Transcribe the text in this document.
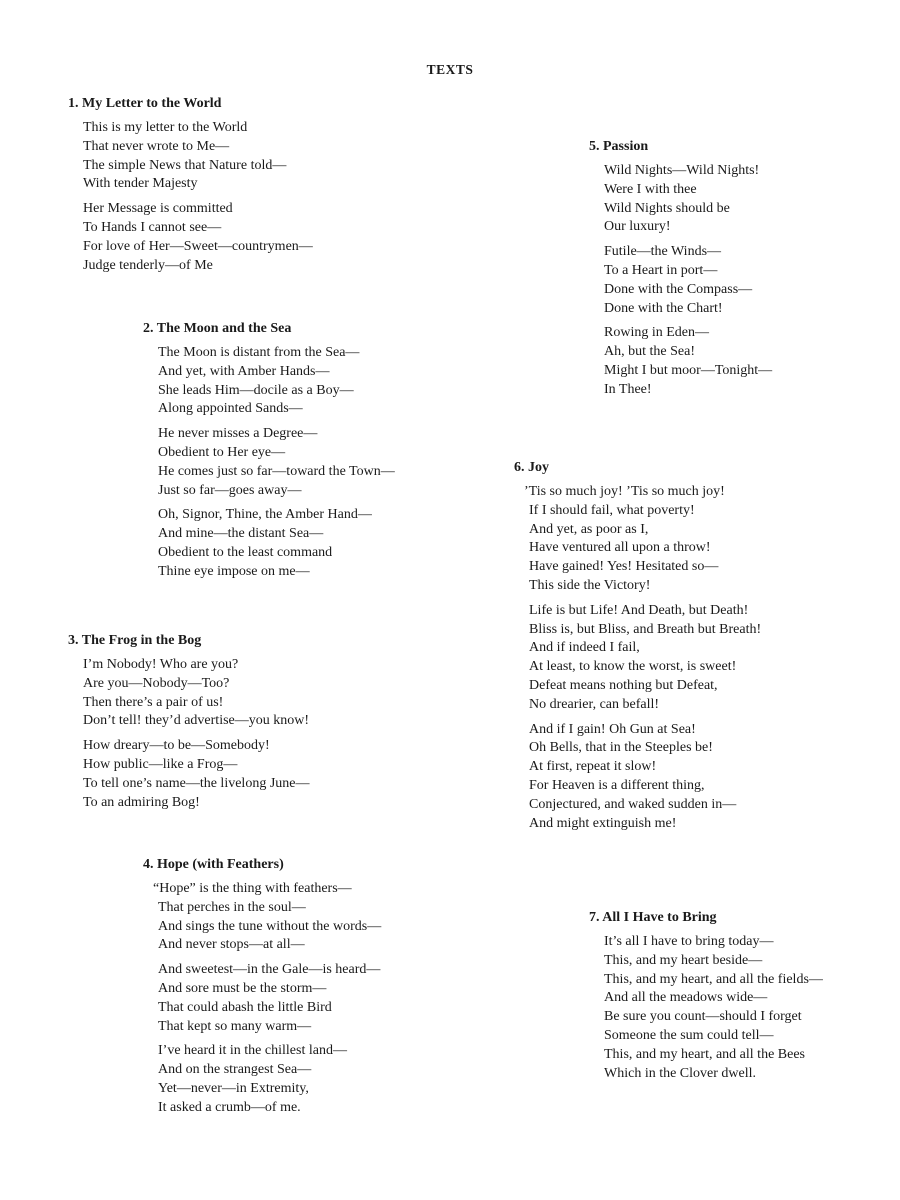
TEXTS
1. My Letter to the World
This is my letter to the World
That never wrote to Me—
The simple News that Nature told—
With tender Majesty
Her Message is committed
To Hands I cannot see—
For love of Her—Sweet—countrymen—
Judge tenderly—of Me
2. The Moon and the Sea
The Moon is distant from the Sea—
And yet, with Amber Hands—
She leads Him—docile as a Boy—
Along appointed Sands—
He never misses a Degree—
Obedient to Her eye—
He comes just so far—toward the Town—
Just so far—goes away—
Oh, Signor, Thine, the Amber Hand—
And mine—the distant Sea—
Obedient to the least command
Thine eye impose on me—
3. The Frog in the Bog
I’m Nobody! Who are you?
Are you—Nobody—Too?
Then there’s a pair of us!
Don’t tell! they’d advertise—you know!
How dreary—to be—Somebody!
How public—like a Frog—
To tell one’s name—the livelong June—
To an admiring Bog!
4. Hope (with Feathers)
“Hope” is the thing with feathers—
That perches in the soul—
And sings the tune without the words—
And never stops—at all—
And sweetest—in the Gale—is heard—
And sore must be the storm—
That could abash the little Bird
That kept so many warm—
I’ve heard it in the chillest land—
And on the strangest Sea—
Yet—never—in Extremity,
It asked a crumb—of me.
5. Passion
Wild Nights—Wild Nights!
Were I with thee
Wild Nights should be
Our luxury!
Futile—the Winds—
To a Heart in port—
Done with the Compass—
Done with the Chart!
Rowing in Eden—
Ah, but the Sea!
Might I but moor—Tonight—
In Thee!
6. Joy
’Tis so much joy! ’Tis so much joy!
If I should fail, what poverty!
And yet, as poor as I,
Have ventured all upon a throw!
Have gained! Yes! Hesitated so—
This side the Victory!
Life is but Life! And Death, but Death!
Bliss is, but Bliss, and Breath but Breath!
And if indeed I fail,
At least, to know the worst, is sweet!
Defeat means nothing but Defeat,
No drearier, can befall!
And if I gain! Oh Gun at Sea!
Oh Bells, that in the Steeples be!
At first, repeat it slow!
For Heaven is a different thing,
Conjectured, and waked sudden in—
And might extinguish me!
7. All I Have to Bring
It’s all I have to bring today—
This, and my heart beside—
This, and my heart, and all the fields—
And all the meadows wide—
Be sure you count—should I forget
Someone the sum could tell—
This, and my heart, and all the Bees
Which in the Clover dwell.
